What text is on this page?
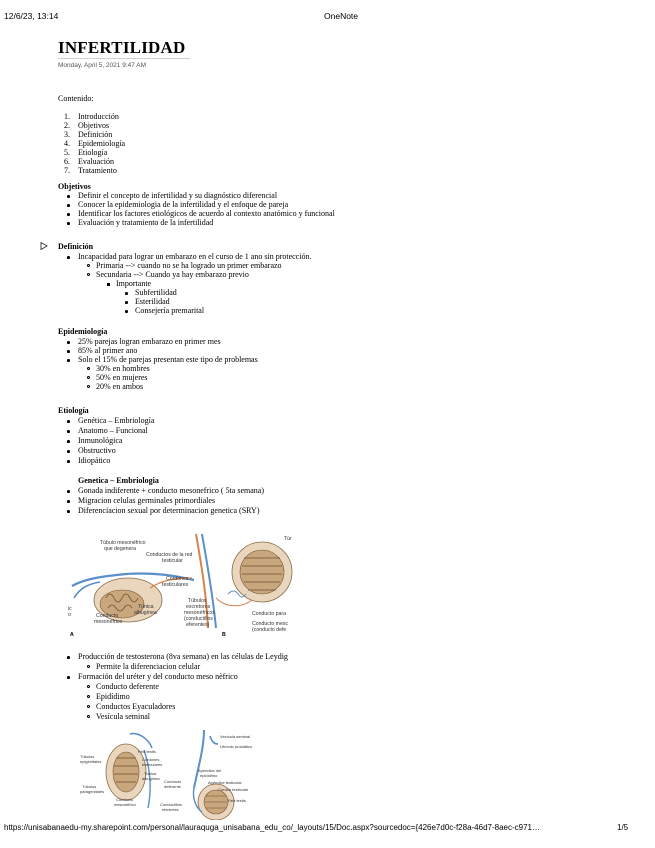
12/6/23, 13:14	OneNote
INFERTILIDAD
Monday, April 5, 2021 9:47 AM
Contenido:
1. Introducción
2. Objetivos
3. Definición
4. Epidemiología
5. Etiología
6. Evaluación
7. Tratamiento
Objetivos
Definir el concepto de infertilidad y su diagnóstico diferencial
Conocer la epidemiologia de la infertilidad y el enfoque de pareja
Identificar los factores etiológicos de acuerdo al contexto anatómico y funcional
Evaluación y tratamiento de la infertilidad
Definición
Incapacidad para lograr un embarazo en el curso de 1 ano sin protección.
Primaria --> cuando no se ha logrado un primer embarazo
Secundaria --> Cuando ya hay embarazo previo
Importante
Subfertilidad
Esterilidad
Consejería premarital
Epidemiología
25% parejas logran embarazo en primer mes
85% al primer ano
Solo el 15% de parejas presentan este tipo de problemas
30% en hombres
50% en mujeres
20% en ambos
Etiología
Genética – Embriología
Anatomo – Funcional
Inmunológica
Obstructivo
Idiopático
Genetica – Embriologia
Gonada indiferente + conducto mesonefrico ( 5ta semana)
Migracion celulas germinales primordiales
Diferenciacion sexual por determinacion genetica (SRY)
Túbulo mesonéfrico
que degenera
Conductos de la red
testicular
Cordones
testiculares
Túnica
albugínea
Conducto
mesonéfrico
ic
o
A
Túr
Túbulos
excretores
mesonéfricos
(conductillos
eferentes)
Conducto para
Conducto mesc
(conducto defe
B
Producción de testosterona (8va semana) en las células de Leydig
Permite la diferenciacion celular
Formación del uréter y del conducto meso nèfrico
Conducto deferente
Epidídimo
Conductos Eyaculadores
Vesícula seminal
Vesícula seminal
Utrículo prostático
Túbulos
epigenitales
Red testis
Cordones
testiculares
Túnica
albugínea
Conducto
deferente
Apéndice del
epidídimo
Apéndice testicular
Cordón testicular
Red testis
Túbulos
paragenitales
Conducto
mesonéfrico	Conductillos
eferentes
https://unisabanaedu-my.sharepoint.com/personal/lauraquga_unisabana_edu_co/_layouts/15/Doc.aspx?sourcedoc={426e7d0c-f28a-46d7-8aec-c971…	1/5
